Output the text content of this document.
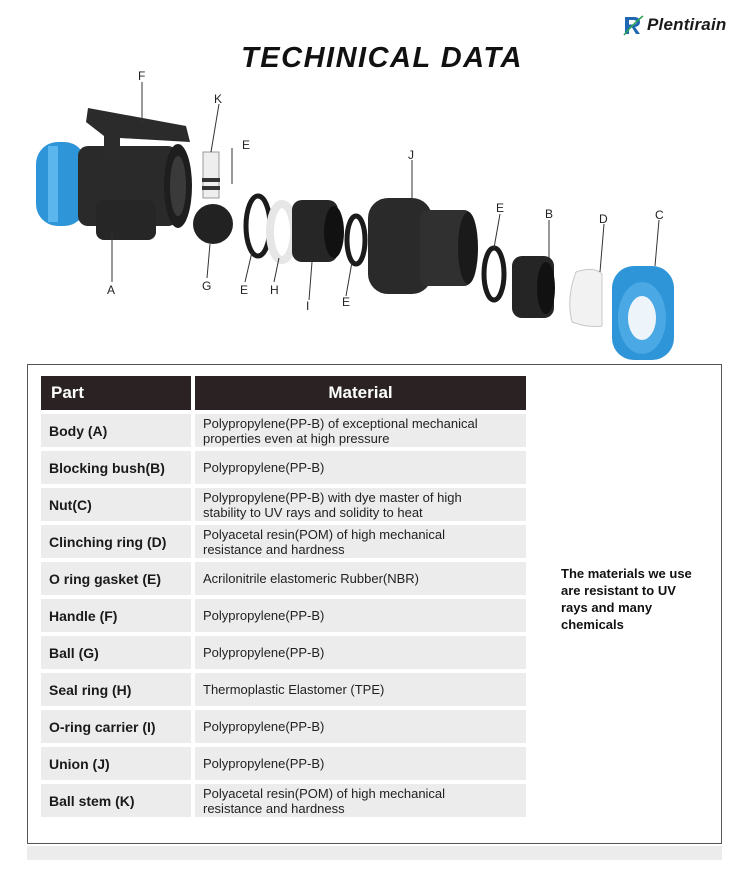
Plentirain
TECHINICAL DATA
F
K
E
J
E	B	D	C
A	G E H
I	E
Part	Material
Body (A)	Polypropylene(PP-B) of exceptional mechanical
properties even at high pressure
Blocking bush(B)	Polypropylene(PP-B)
Nut(C)	Polypropylene(PP-B) with dye master of high
stability to UV rays and solidity to heat
Clinching ring (D)	Polyacetal resin(POM) of high mechanical
resistance and hardness
O ring gasket (E)	Acrilonitrile elastomeric Rubber(NBR)
Handle (F)	Polypropylene(PP-B)
Ball (G)	Polypropylene(PP-B)
Seal ring (H)	Thermoplastic Elastomer (TPE)
O-ring carrier (I)	Polypropylene(PP-B)
Union (J)	Polypropylene(PP-B)
Ball stem (K)	Polyacetal resin(POM) of high mechanical
resistance and hardness
The materials we use
are resistant to UV
rays and many
chemicals
